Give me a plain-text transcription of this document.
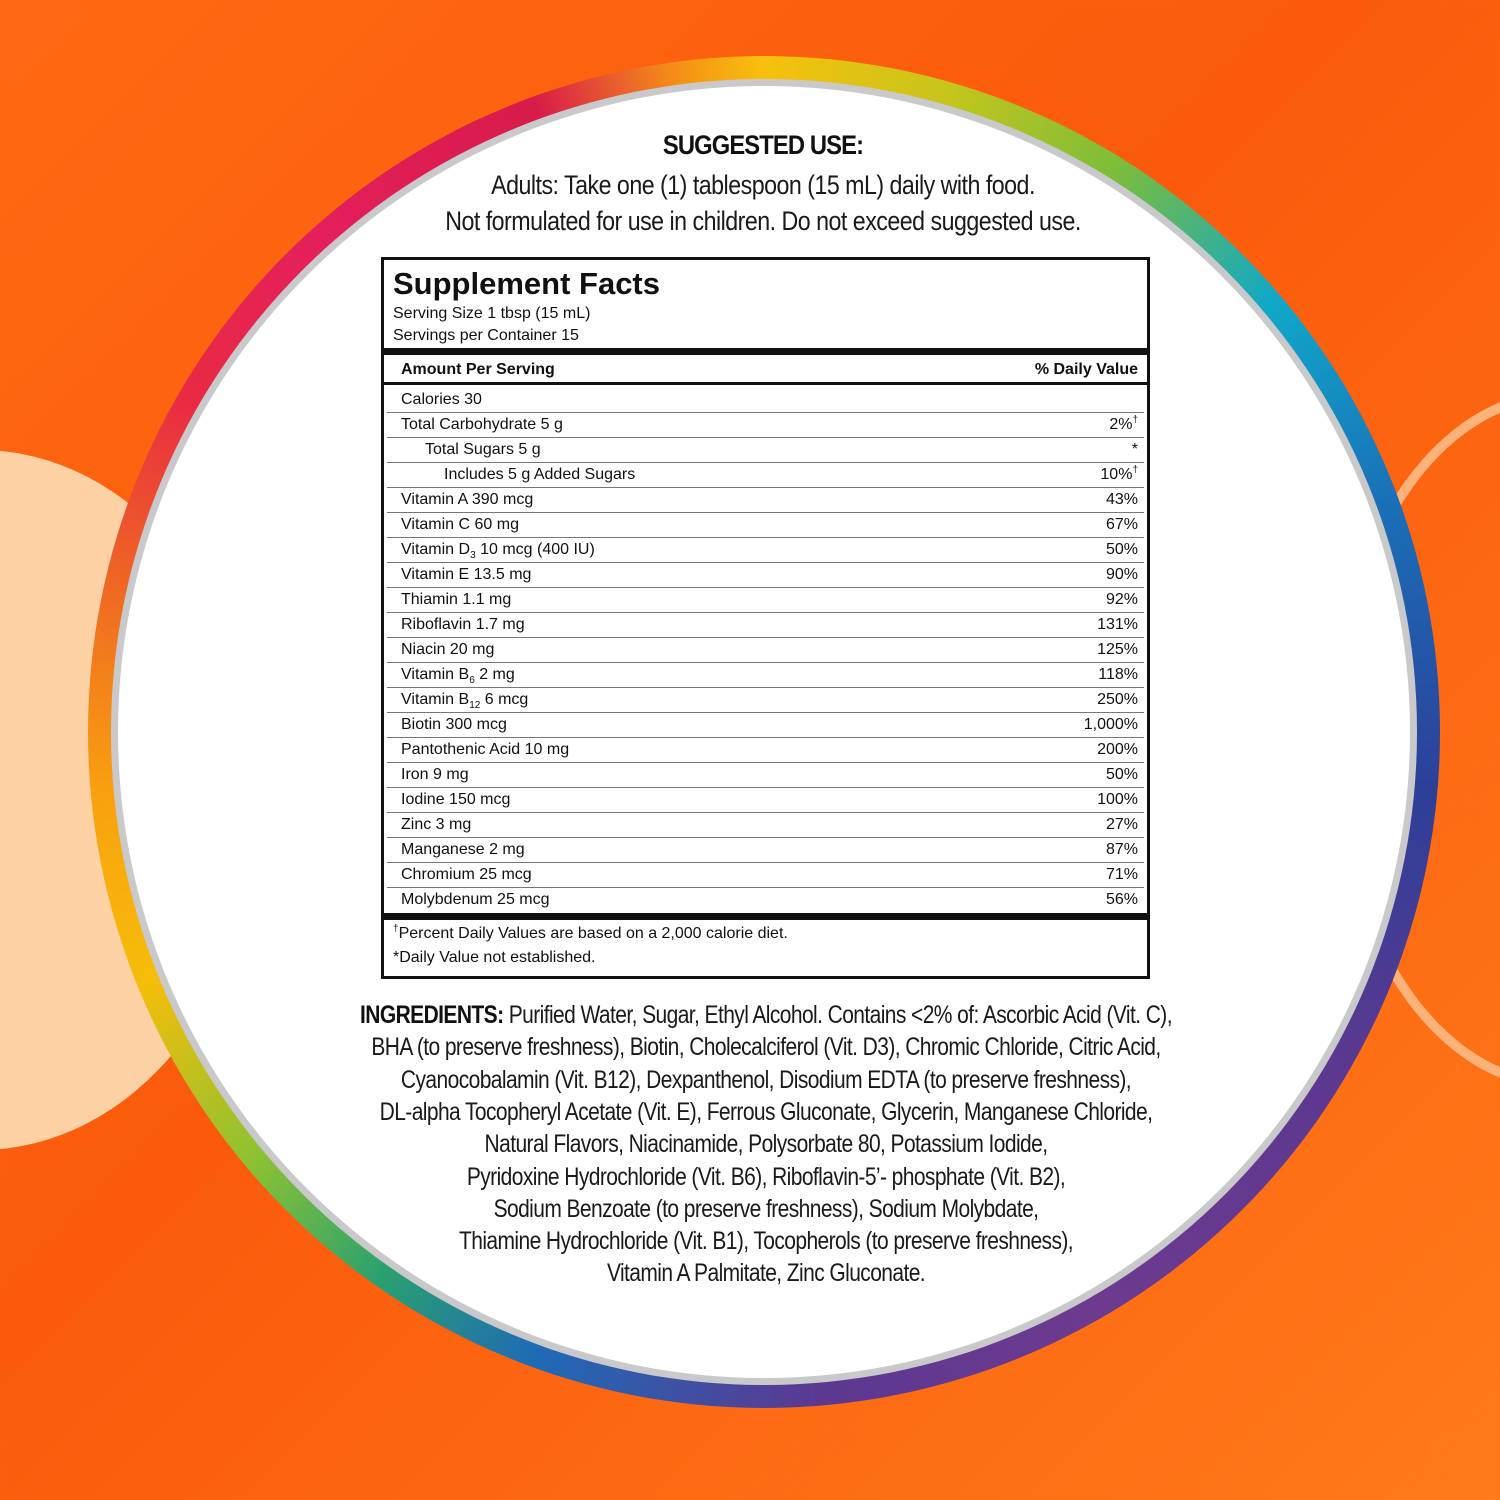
SUGGESTED USE:
Adults: Take one (1) tablespoon (15 mL) daily with food.
Not formulated for use in children. Do not exceed suggested use.
Supplement Facts
Serving Size 1 tbsp (15 mL)
Servings per Container 15
Amount Per Serving	% Daily Value
Calories 30
Total Carbohydrate 5 g	2%†
Total Sugars 5 g	*
Includes 5 g Added Sugars	10%†
Vitamin A 390 mcg	43%
Vitamin C 60 mg	67%
Vitamin $D_3$ 10 mcg (400 IU)	50%
Vitamin E 13.5 mg	90%
Thiamin 1.1 mg	92%
Riboflavin 1.7 mg	131%
Niacin 20 mg	125%
Vitamin $B_6$ 2 mg	118%
Vitamin $B_{12}$ 6 mcg	250%
Biotin 300 mcg	1,000%
Pantothenic Acid 10 mg	200%
Iron 9 mg	50%
Iodine 150 mcg	100%
Zinc 3 mg	27%
Manganese 2 mg	87%
Chromium 25 mcg	71%
Molybdenum 25 mcg	56%
†Percent Daily Values are based on a 2,000 calorie diet.
*Daily Value not established.
INGREDIENTS: Purified Water, Sugar, Ethyl Alcohol. Contains <2% of: Ascorbic Acid (Vit. C),
BHA (to preserve freshness), Biotin, Cholecalciferol (Vit. D3), Chromic Chloride, Citric Acid,
Cyanocobalamin (Vit. B12), Dexpanthenol, Disodium EDTA (to preserve freshness),
DL-alpha Tocopheryl Acetate (Vit. E), Ferrous Gluconate, Glycerin, Manganese Chloride,
Natural Flavors, Niacinamide, Polysorbate 80, Potassium Iodide,
Pyridoxine Hydrochloride (Vit. B6), Riboflavin-5’- phosphate (Vit. B2),
Sodium Benzoate (to preserve freshness), Sodium Molybdate,
Thiamine Hydrochloride (Vit. B1), Tocopherols (to preserve freshness),
Vitamin A Palmitate, Zinc Gluconate.
